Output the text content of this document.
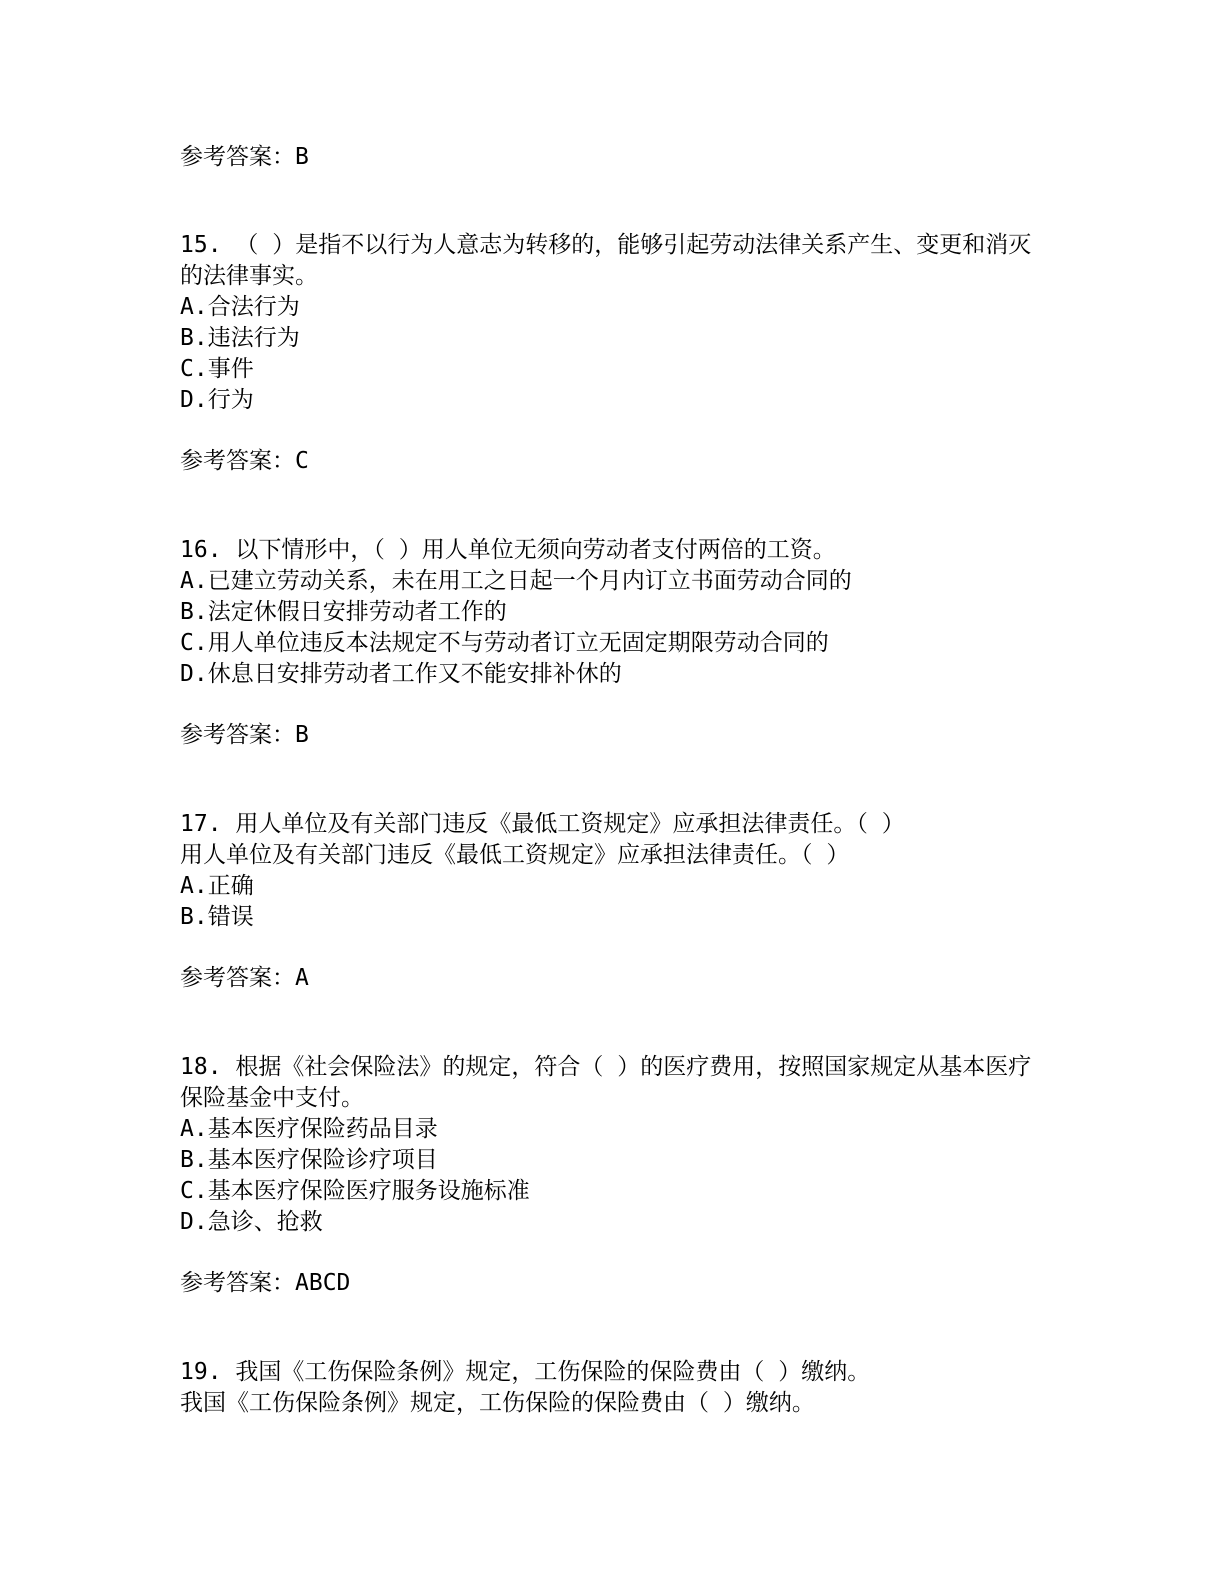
参考答案：B
15. （ ）是指不以行为人意志为转移的，能够引起劳动法律关系产生、变更和消灭
的法律事实。
A.合法行为
B.违法行为
C.事件
D.行为
参考答案：C
16. 以下情形中，（ ）用人单位无须向劳动者支付两倍的工资。
A.已建立劳动关系，未在用工之日起一个月内订立书面劳动合同的
B.法定休假日安排劳动者工作的
C.用人单位违反本法规定不与劳动者订立无固定期限劳动合同的
D.休息日安排劳动者工作又不能安排补休的
参考答案：B
17. 用人单位及有关部门违反《最低工资规定》应承担法律责任。（ ）
用人单位及有关部门违反《最低工资规定》应承担法律责任。（ ）
A.正确
B.错误
参考答案：A
18. 根据《社会保险法》的规定，符合（ ）的医疗费用，按照国家规定从基本医疗
保险基金中支付。
A.基本医疗保险药品目录
B.基本医疗保险诊疗项目
C.基本医疗保险医疗服务设施标准
D.急诊、抢救
参考答案：ABCD
19. 我国《工伤保险条例》规定，工伤保险的保险费由（ ）缴纳。
我国《工伤保险条例》规定，工伤保险的保险费由（ ）缴纳。
